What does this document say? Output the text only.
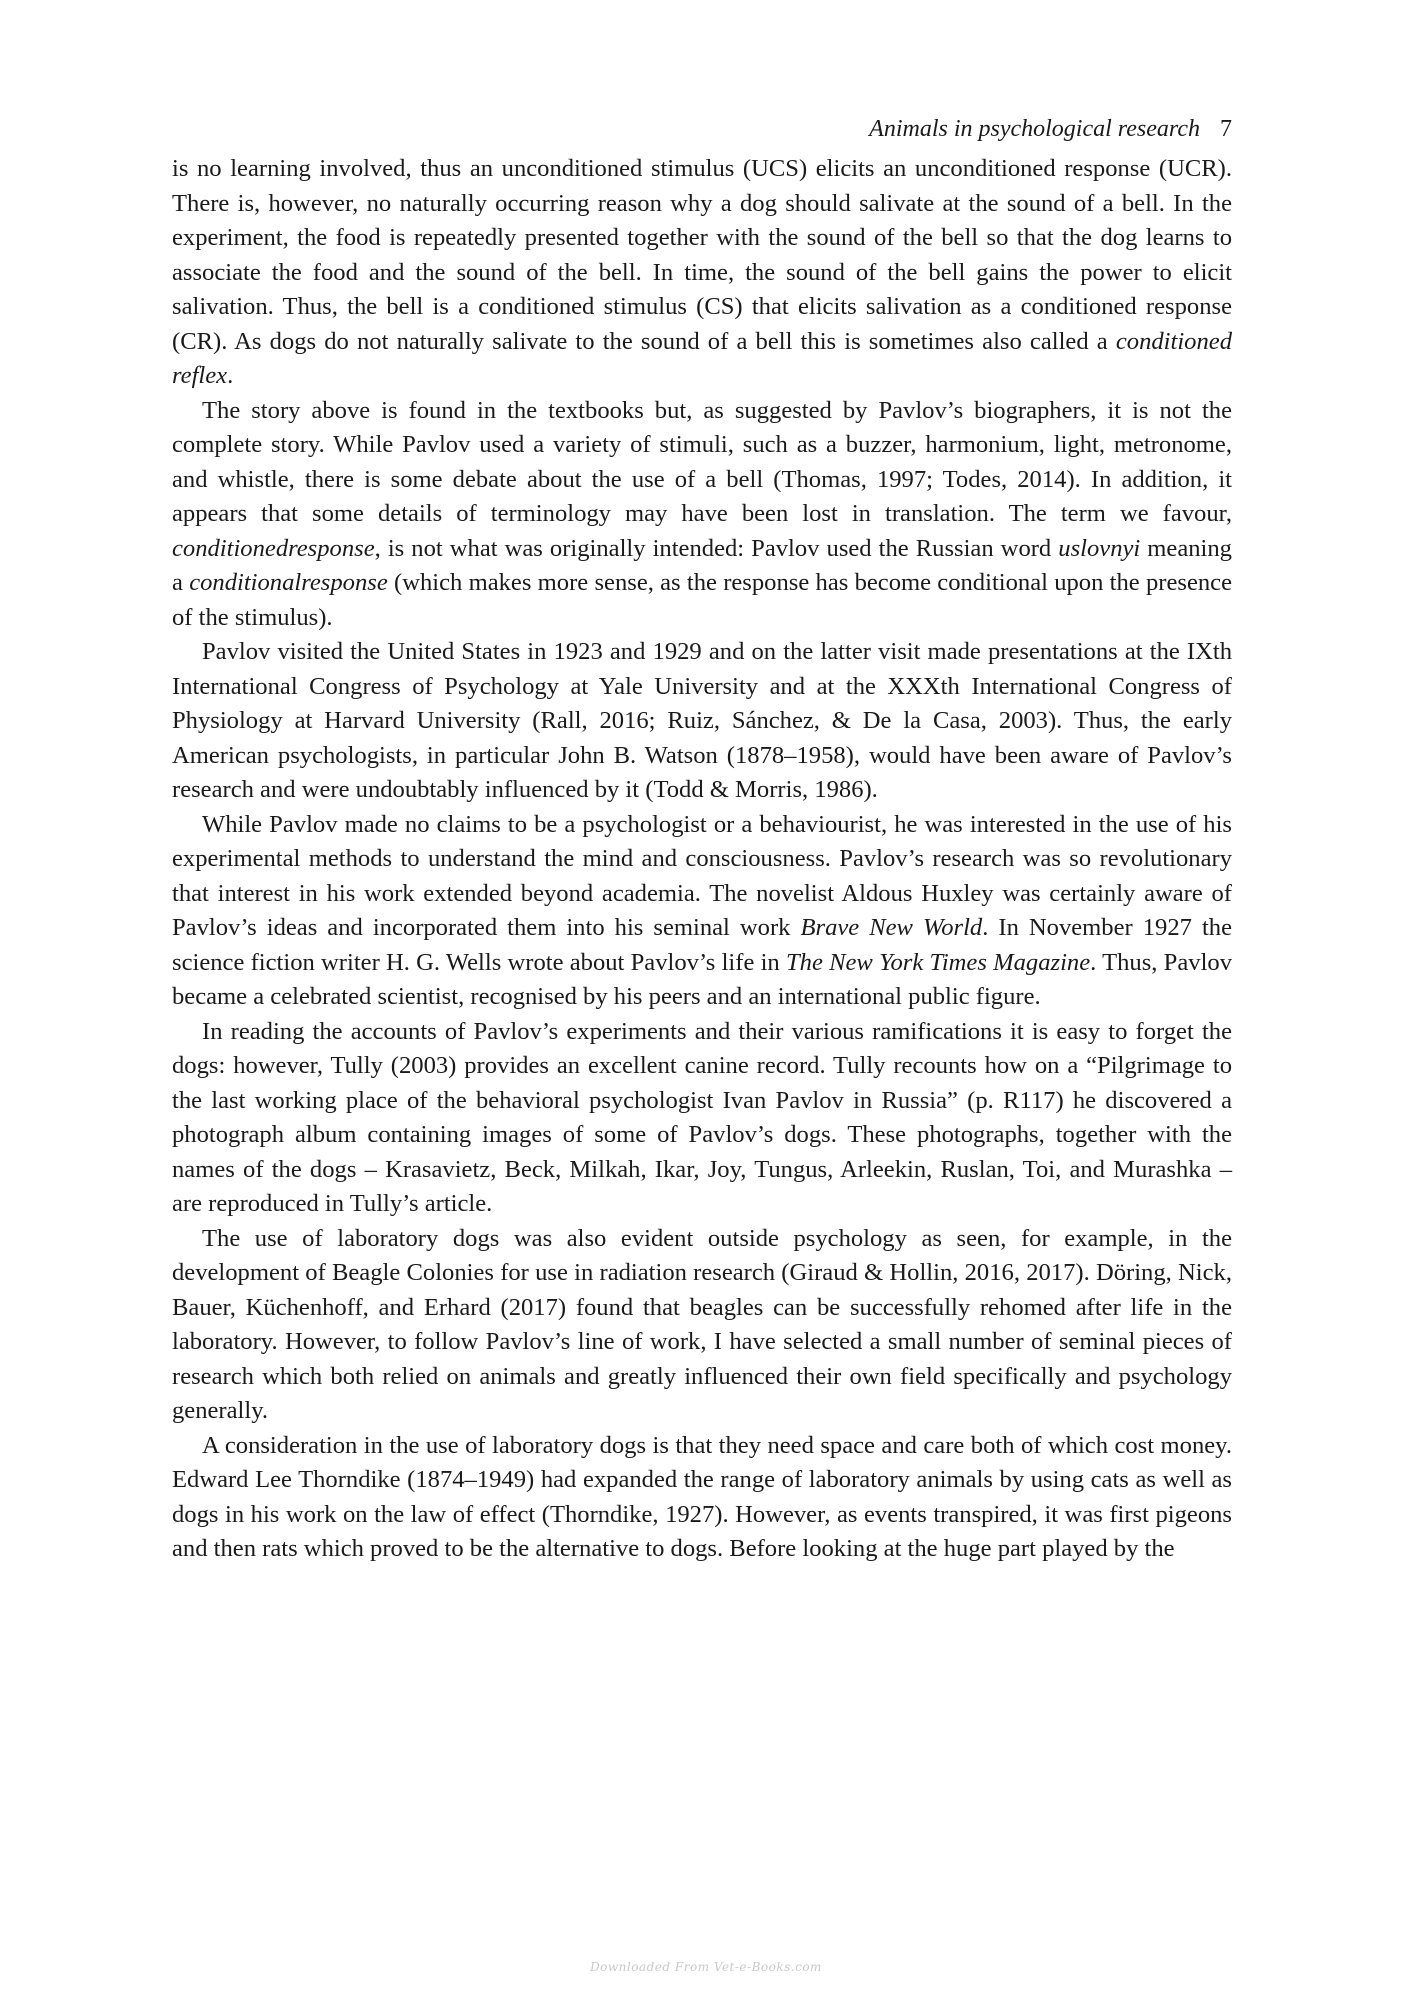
Animals in psychological research 7

is no learning involved, thus an unconditioned stimulus (UCS) elicits an unconditioned response (UCR). There is, however, no naturally occurring reason why a dog should salivate at the sound of a bell. In the experiment, the food is repeatedly presented together with the sound of the bell so that the dog learns to associate the food and the sound of the bell. In time, the sound of the bell gains the power to elicit salivation. Thus, the bell is a conditioned stimulus (CS) that elicits salivation as a conditioned response (CR). As dogs do not naturally salivate to the sound of a bell this is sometimes also called a conditioned reflex.

The story above is found in the textbooks but, as suggested by Pavlov’s biographers, it is not the complete story. While Pavlov used a variety of stimuli, such as a buzzer, harmonium, light, metronome, and whistle, there is some debate about the use of a bell (Thomas, 1997; Todes, 2014). In addition, it appears that some details of terminology may have been lost in translation. The term we favour, conditionedresponse, is not what was originally intended: Pavlov used the Russian word uslovnyi meaning a conditionalresponse (which makes more sense, as the response has become conditional upon the presence of the stimulus).

Pavlov visited the United States in 1923 and 1929 and on the latter visit made presentations at the IXth International Congress of Psychology at Yale University and at the XXXth International Congress of Physiology at Harvard University (Rall, 2016; Ruiz, Sánchez, & De la Casa, 2003). Thus, the early American psychologists, in particular John B. Watson (1878–1958), would have been aware of Pavlov’s research and were undoubtably influenced by it (Todd & Morris, 1986).

While Pavlov made no claims to be a psychologist or a behaviourist, he was interested in the use of his experimental methods to understand the mind and consciousness. Pavlov’s research was so revolutionary that interest in his work extended beyond academia. The novelist Aldous Huxley was certainly aware of Pavlov’s ideas and incorporated them into his seminal work Brave New World. In November 1927 the science fiction writer H. G. Wells wrote about Pavlov’s life in The New York Times Magazine. Thus, Pavlov became a celebrated scientist, recognised by his peers and an international public figure.

In reading the accounts of Pavlov’s experiments and their various ramifications it is easy to forget the dogs: however, Tully (2003) provides an excellent canine record. Tully recounts how on a “Pilgrimage to the last working place of the behavioral psychologist Ivan Pavlov in Russia” (p. R117) he discovered a photograph album containing images of some of Pavlov’s dogs. These photographs, together with the names of the dogs – Krasavietz, Beck, Milkah, Ikar, Joy, Tungus, Arleekin, Ruslan, Toi, and Murashka – are reproduced in Tully’s article.

The use of laboratory dogs was also evident outside psychology as seen, for example, in the development of Beagle Colonies for use in radiation research (Giraud & Hollin, 2016, 2017). Döring, Nick, Bauer, Küchenhoff, and Erhard (2017) found that beagles can be successfully rehomed after life in the laboratory. However, to follow Pavlov’s line of work, I have selected a small number of seminal pieces of research which both relied on animals and greatly influenced their own field specifically and psychology generally.

A consideration in the use of laboratory dogs is that they need space and care both of which cost money. Edward Lee Thorndike (1874–1949) had expanded the range of laboratory animals by using cats as well as dogs in his work on the law of effect (Thorndike, 1927). However, as events transpired, it was first pigeons and then rats which proved to be the alternative to dogs. Before looking at the huge part played by the

Downloaded From Vet-e-Books.com
